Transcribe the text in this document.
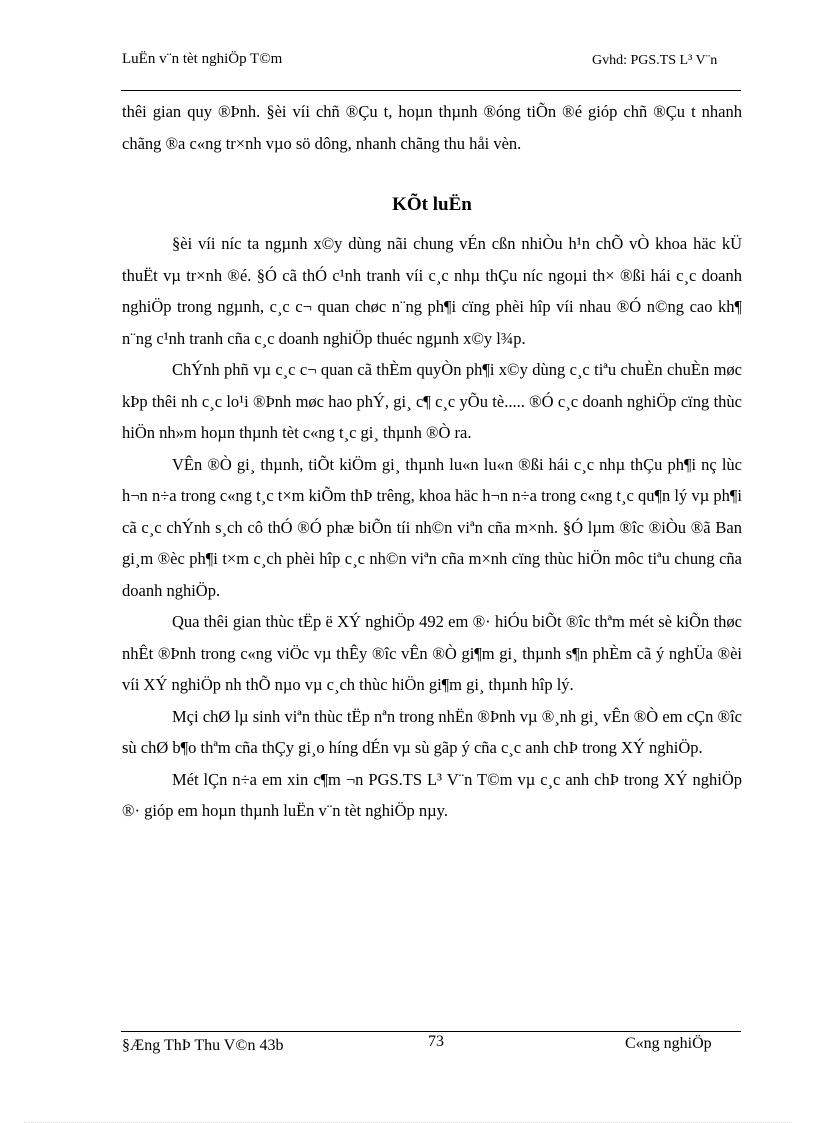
LuËn v¨n tèt nghiÖp T©m	Gvhd: PGS.TS L³ V¨n

thêi gian quy ®Þnh. §èi víi chñ ®Çu t, hoµn thµnh ®óng tiÕn ®é gióp chñ ®Çu t nhanh chãng ®a c«ng tr×nh vµo sö dông, nhanh chãng thu håi vèn.

KÕt luËn

§èi víi níc ta ngµnh x©y dùng nãi chung vÉn cßn nhiÒu h¹n chÕ vÒ khoa häc kÜ thuËt vµ tr×nh ®é. §Ó cã thÓ c¹nh tranh víi c¸c nhµ thÇu níc ngoµi th× ®ßi hái c¸c doanh nghiÖp trong ngµnh, c¸c c¬ quan chøc n¨ng ph¶i cïng phèi hîp víi nhau ®Ó n©ng cao kh¶ n¨ng c¹nh tranh cña c¸c doanh nghiÖp thuéc ngµnh x©y l¾p.

ChÝnh phñ vµ c¸c c¬ quan cã thÈm quyÒn ph¶i x©y dùng c¸c tiªu chuÈn chuÈn møc kÞp thêi nh c¸c lo¹i ®Þnh møc hao phÝ, gi¸ c¶ c¸c yÕu tè..... ®Ó c¸c doanh nghiÖp cïng thùc hiÖn nh»m hoµn thµnh tèt c«ng t¸c gi¸ thµnh ®Ò ra.

VÊn ®Ò gi¸ thµnh, tiÕt kiÖm gi¸ thµnh lu«n lu«n ®ßi hái c¸c nhµ thÇu ph¶i nç lùc h¬n n÷a trong c«ng t¸c t×m kiÕm thÞ trêng, khoa häc h¬n n÷a trong c«ng t¸c qu¶n lý vµ ph¶i cã c¸c chÝnh s¸ch cô thÓ ®Ó phæ biÕn tíi nh©n viªn cña m×nh. §Ó lµm ®îc ®iÒu ®ã Ban gi¸m ®èc ph¶i t×m c¸ch phèi hîp c¸c nh©n viªn cña m×nh cïng thùc hiÖn môc tiªu chung cña doanh nghiÖp.

Qua thêi gian thùc tËp ë XÝ nghiÖp 492 em ®· hiÓu biÕt ®îc thªm mét sè kiÕn thøc nhÊt ®Þnh trong c«ng viÖc vµ thÊy ®îc vÊn ®Ò gi¶m gi¸ thµnh s¶n phÈm cã ý nghÜa ®èi víi XÝ nghiÖp nh thÕ nµo vµ c¸ch thùc hiÖn gi¶m gi¸ thµnh hîp lý.

Mçi chØ lµ sinh viªn thùc tËp nªn trong nhËn ®Þnh vµ ®¸nh gi¸ vÊn ®Ò em cÇn ®îc sù chØ b¶o thªm cña thÇy gi¸o híng dÉn vµ sù gãp ý cña c¸c anh chÞ trong XÝ nghiÖp.

Mét lÇn n÷a em xin c¶m ¬n PGS.TS L³ V¨n T©m vµ c¸c anh chÞ trong XÝ nghiÖp ®· gióp em hoµn thµnh luËn v¨n tèt nghiÖp nµy.

§Æng ThÞ Thu V©n 43b	73	C«ng nghiÖp
